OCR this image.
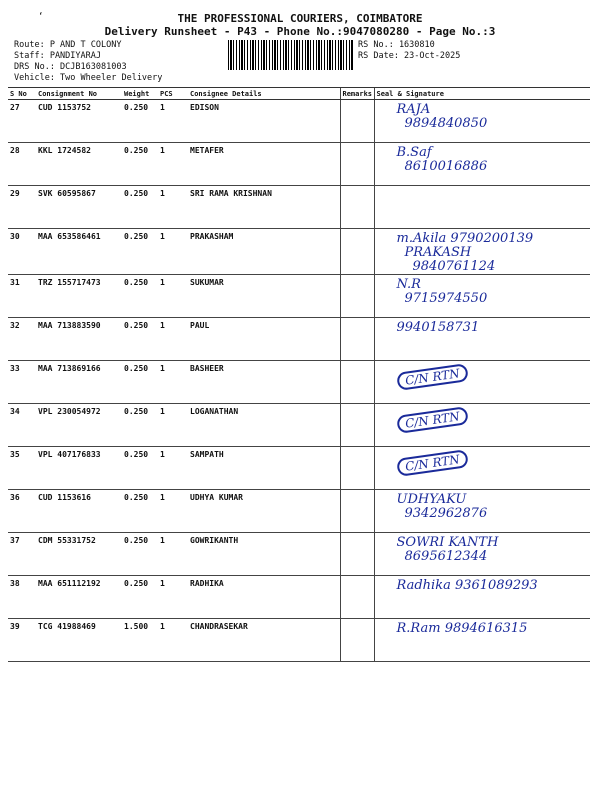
‘	THE PROFESSIONAL COURIERS, COIMBATORE
Delivery Runsheet - P43 - Phone No.:9047080280 - Page No.:3
Route: P AND T COLONY
Staff: PANDIYARAJ
DRS No.: DCJB163081003
Vehicle: Two Wheeler Delivery
RS No.: 1630810
RS Date: 23-Oct-2025
S No	Consignment No	Weight	PCS	Consignee Details	Remarks	Seal & Signature
27	CUD 1153752	0.250	1	EDISON		RAJA
9894840850

28	KKL 1724582	0.250	1	METAFER		B.Saf
8610016886

29	SVK 60595867	0.250	1	SRI RAMA KRISHNAN		

30	MAA 653586461	0.250	1	PRAKASHAM		m.Akila 9790200139
PRAKASH
9840761124

31	TRZ 155717473	0.250	1	SUKUMAR		N.R
9715974550

32	MAA 713883590	0.250	1	PAUL		9940158731

33	MAA 713869166	0.250	1	BASHEER		C/N RTN

34	VPL 230054972	0.250	1	LOGANATHAN		C/N RTN

35	VPL 407176833	0.250	1	SAMPATH		C/N RTN

36	CUD 1153616	0.250	1	UDHYA KUMAR		UDHYAKU
9342962876

37	CDM 55331752	0.250	1	GOWRIKANTH		SOWRI KANTH
8695612344

38	MAA 651112192	0.250	1	RADHIKA		Radhika 9361089293

39	TCG 41988469	1.500	1	CHANDRASEKAR		R.Ram 9894616315
